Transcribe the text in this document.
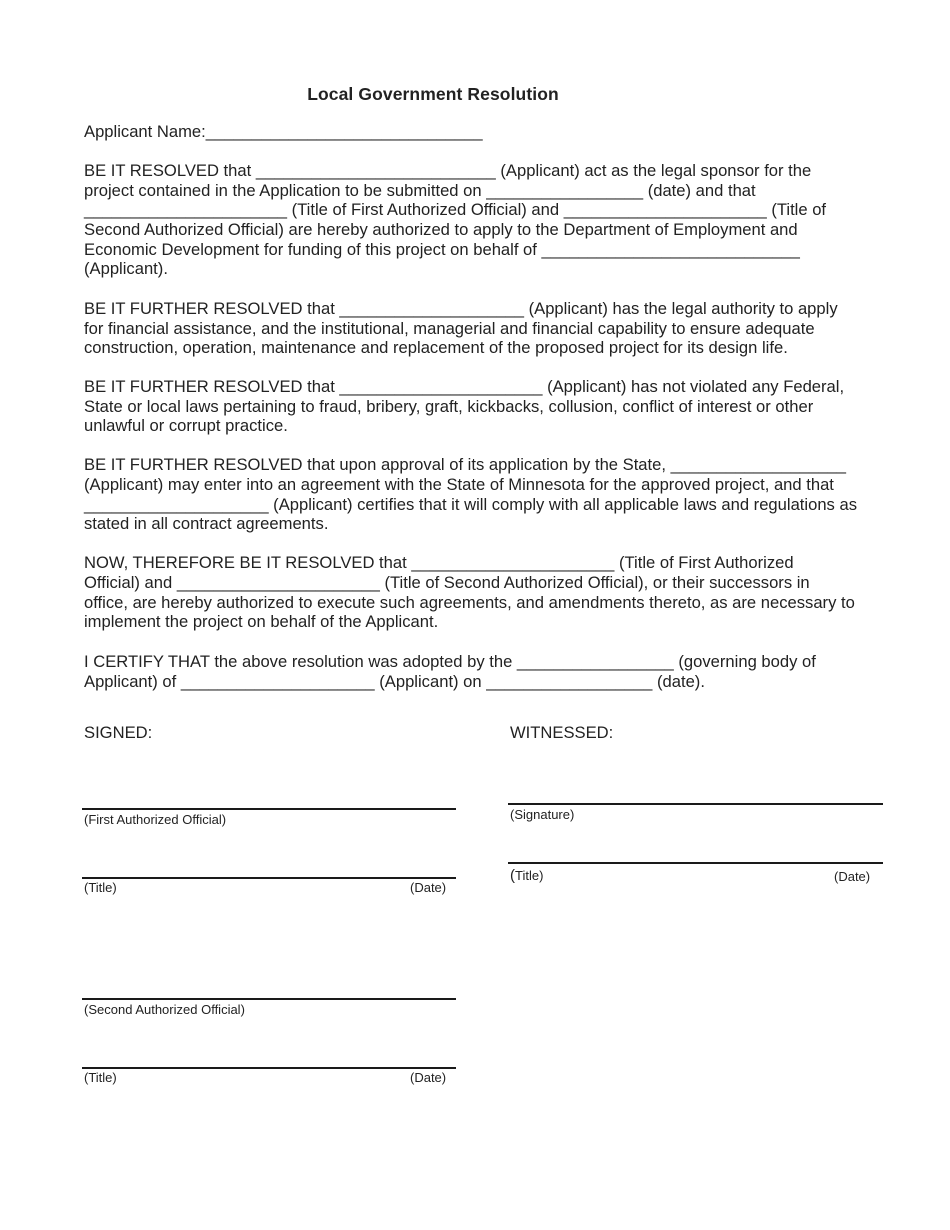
Local Government Resolution
Applicant Name:______________________________
BE IT RESOLVED that __________________________ (Applicant) act as the legal sponsor for the
project contained in the Application to be submitted on _________________ (date) and that
______________________ (Title of First Authorized Official) and ______________________ (Title of
Second Authorized Official) are hereby authorized to apply to the Department of Employment and
Economic Development for funding of this project on behalf of ____________________________
(Applicant).
BE IT FURTHER RESOLVED that ____________________ (Applicant) has the legal authority to apply
for financial assistance, and the institutional, managerial and financial capability to ensure adequate
construction, operation, maintenance and replacement of the proposed project for its design life.
BE IT FURTHER RESOLVED that ______________________ (Applicant) has not violated any Federal,
State or local laws pertaining to fraud, bribery, graft, kickbacks, collusion, conflict of interest or other
unlawful or corrupt practice.
BE IT FURTHER RESOLVED that upon approval of its application by the State, ___________________
(Applicant) may enter into an agreement with the State of Minnesota for the approved project, and that
____________________ (Applicant) certifies that it will comply with all applicable laws and regulations as
stated in all contract agreements.
NOW, THEREFORE BE IT RESOLVED that ______________________ (Title of First Authorized
Official) and ______________________ (Title of Second Authorized Official), or their successors in
office, are hereby authorized to execute such agreements, and amendments thereto, as are necessary to
implement the project on behalf of the Applicant.
I CERTIFY THAT the above resolution was adopted by the _________________ (governing body of
Applicant) of _____________________ (Applicant) on __________________ (date).
SIGNED:
(First Authorized Official)
(Title)	(Date)
(Second Authorized Official)
(Title)	(Date)
WITNESSED:
(Signature)
(Title)	(Date)
